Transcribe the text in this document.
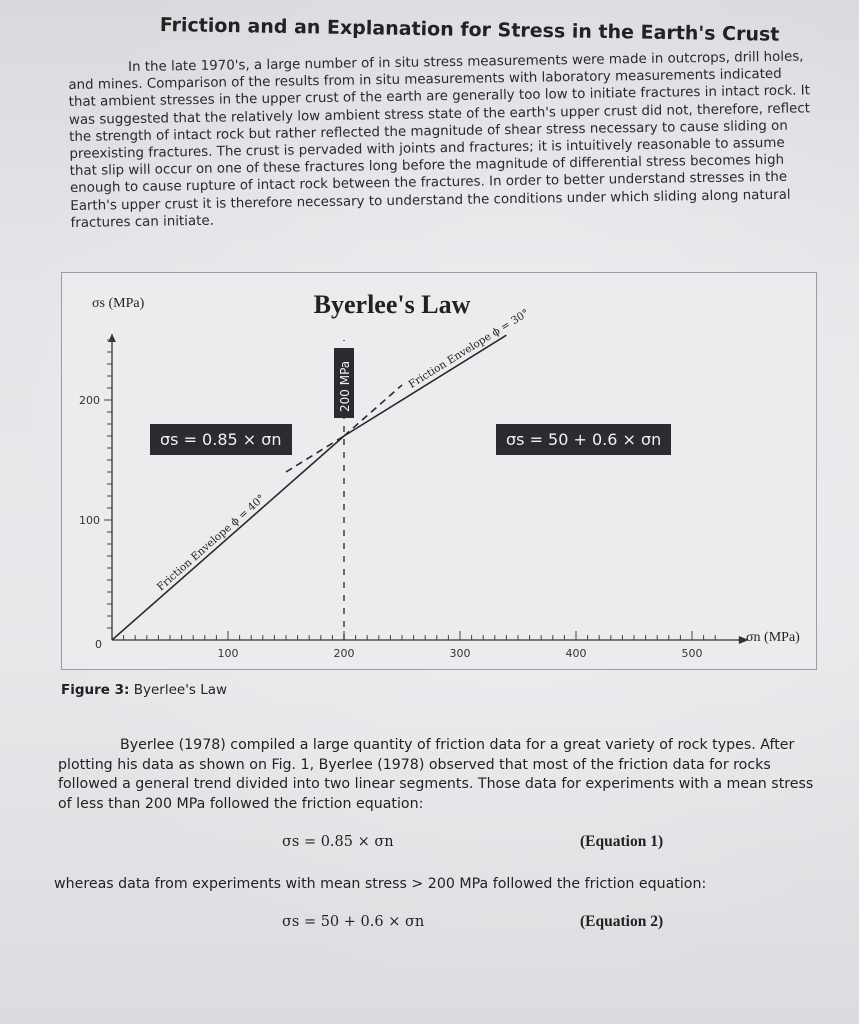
Friction and an Explanation for Stress in the Earth's Crust
In the late 1970's, a large number of in situ stress measurements were made in outcrops, drill holes, and mines. Comparison of the results from in situ measurements with laboratory measurements indicated that ambient stresses in the upper crust of the earth are generally too low to initiate fractures in intact rock. It was suggested that the relatively low ambient stress state of the earth's upper crust did not, therefore, reflect the strength of intact rock but rather reflected the magnitude of shear stress necessary to cause sliding on preexisting fractures. The crust is pervaded with joints and fractures; it is intuitively reasonable to assume that slip will occur on one of these fractures long before the magnitude of differential stress becomes high enough to cause rupture of intact rock between the fractures. In order to better understand stresses in the Earth's upper crust it is therefore necessary to understand the conditions under which sliding along natural fractures can initiate.
100
200
100	200	300	400	500
0
σs (MPa)
σn (MPa)
Byerlee's Law
200 MPa
Friction Envelope ϕ = 40°
Friction Envelope ϕ = 30°
σs = 0.85 × σn	σs = 50 + 0.6 × σn
Figure 3: Byerlee's Law
Byerlee (1978) compiled a large quantity of friction data for a great variety of rock types. After plotting his data as shown on Fig. 1, Byerlee (1978) observed that most of the friction data for rocks followed a general trend divided into two linear segments. Those data for experiments with a mean stress of less than 200 MPa followed the friction equation:
σs = 0.85 × σn	(Equation 1)
whereas data from experiments with mean stress > 200 MPa followed the friction equation:
σs = 50 + 0.6 × σn	(Equation 2)
